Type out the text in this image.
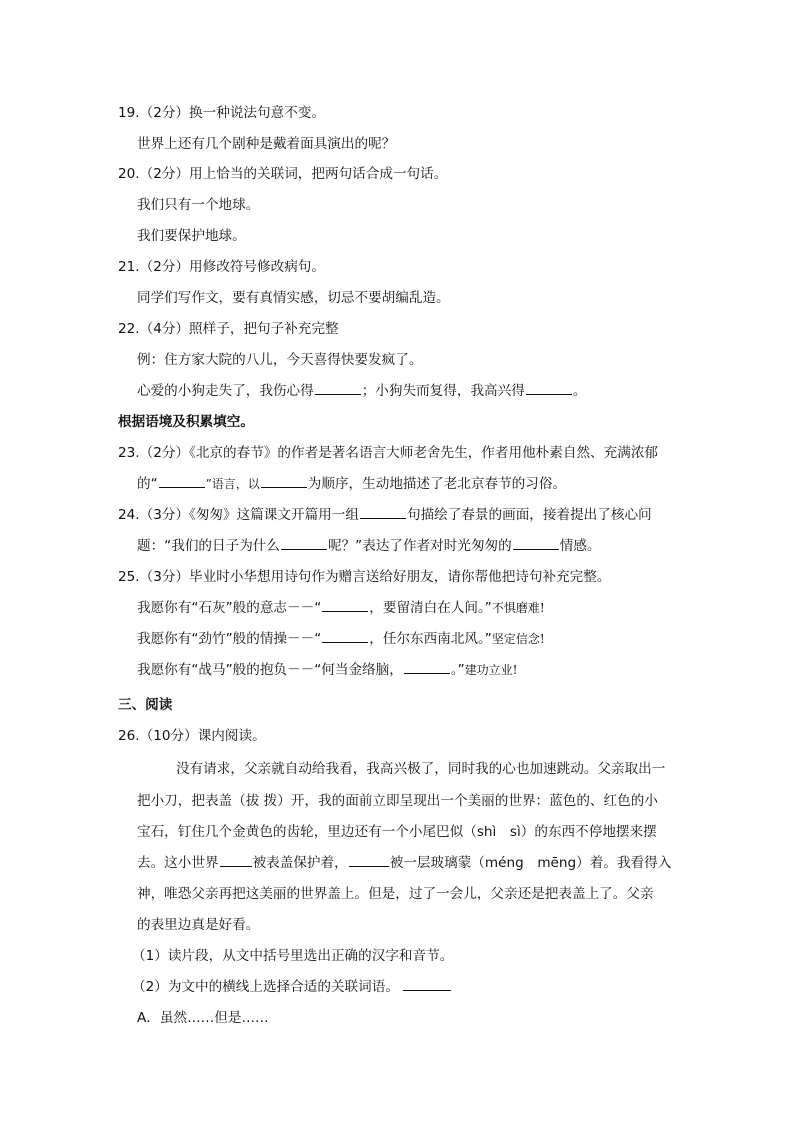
19.（2分）换一种说法句意不变。
世界上还有几个剧种是戴着面具演出的呢？
20.（2分）用上恰当的关联词，把两句话合成一句话。
我们只有一个地球。
我们要保护地球。
21.（2分）用修改符号修改病句。
同学们写作文，要有真情实感，切忌不要胡编乱造。
22.（4分）照样子，把句子补充完整
例：住方家大院的八儿，今天喜得快要发疯了。
心爱的小狗走失了，我伤心得	；小狗失而复得，我高兴得	。
根据语境及积累填空。
23.（2分）《北京的春节》的作者是著名语言大师老舍先生，作者用他朴素自然、充满浓郁
的“	”语言，以	为顺序，生动地描述了老北京春节的习俗。
24.（3分）《匆匆》这篇课文开篇用一组	句描绘了春景的画面，接着提出了核心问
题：“我们的日子为什么	呢？”表达了作者对时光匆匆的	情感。
25.（3分）毕业时小华想用诗句作为赠言送给好朋友，请你帮他把诗句补充完整。
我愿你有“石灰”般的意志－－“	，要留清白在人间。”不惧磨难!
我愿你有“劲竹”般的情操－－“	，任尔东西南北风。”坚定信念!
我愿你有“战马”般的抱负－－“何当金络脑，	。”建功立业!
三、阅读
26.（10分）课内阅读。
没有请求，父亲就自动给我看，我高兴极了，同时我的心也加速跳动。父亲取出一
把小刀，把表盖（拔 拨）开，我的面前立即呈现出一个美丽的世界：蓝色的、红色的小
宝石，钉住几个金黄色的齿轮，里边还有一个小尾巴似（shì　sì）的东西不停地摆来摆
去。这小世界	被表盖保护着，	被一层玻璃蒙（méng　mēng）着。我看得入
神，唯恐父亲再把这美丽的世界盖上。但是，过了一会儿，父亲还是把表盖上了。父亲
的表里边真是好看。
（1）读片段，从文中括号里选出正确的汉字和音节。
（2）为文中的横线上选择合适的关联词语。
A．虽然……但是……
